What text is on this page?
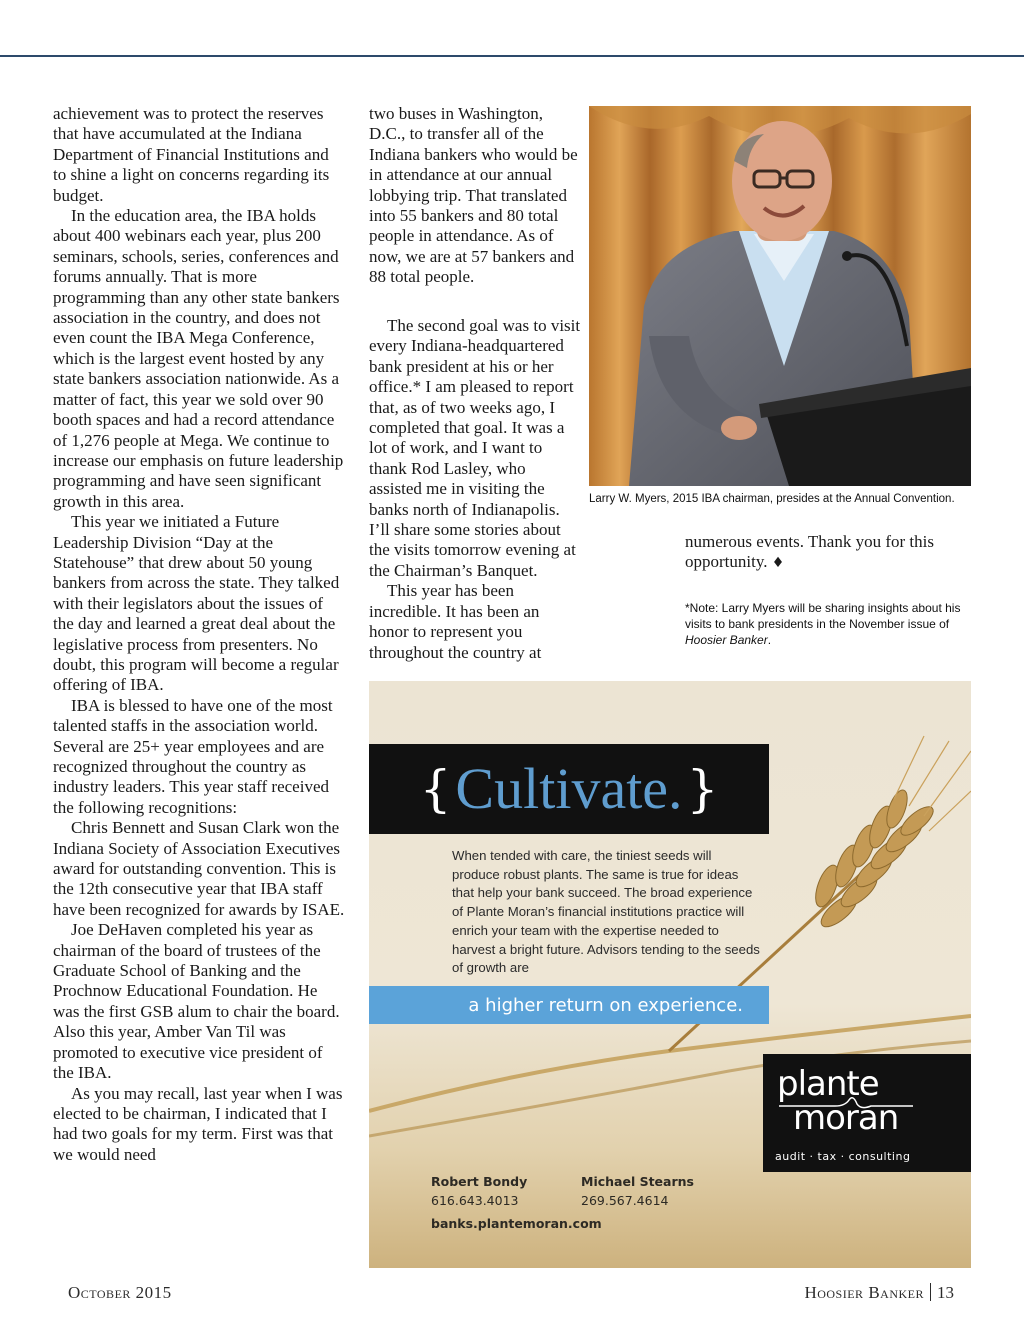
achievement was to protect the reserves that have accumulated at the Indiana Department of Financial Institutions and to shine a light on concerns regarding its budget.

In the education area, the IBA holds about 400 webinars each year, plus 200 seminars, schools, series, conferences and forums annually. That is more programming than any other state bankers association in the country, and does not even count the IBA Mega Conference, which is the largest event hosted by any state bankers association nationwide. As a matter of fact, this year we sold over 90 booth spaces and had a record attendance of 1,276 people at Mega. We continue to increase our emphasis on future leadership programming and have seen significant growth in this area.

This year we initiated a Future Leadership Division “Day at the Statehouse” that drew about 50 young bankers from across the state. They talked with their legislators about the issues of the day and learned a great deal about the legislative process from presenters. No doubt, this program will become a regular offering of IBA.

IBA is blessed to have one of the most talented staffs in the association world. Several are 25+ year employees and are recognized throughout the country as industry leaders. This year staff received the following recognitions:

Chris Bennett and Susan Clark won the Indiana Society of Association Executives award for outstanding convention. This is the 12th consecutive year that IBA staff have been recognized for awards by ISAE.

Joe DeHaven completed his year as chairman of the board of trustees of the Graduate School of Banking and the Prochnow Educational Foundation. He was the first GSB alum to chair the board. Also this year, Amber Van Til was promoted to executive vice president of the IBA.

As you may recall, last year when I was elected to be chairman, I indicated that I had two goals for my term. First was that we would need

two buses in Washington, D.C., to transfer all of the Indiana bankers who would be in attendance at our annual lobbying trip. That translated into 55 bankers and 80 total people in attendance. As of now, we are at 57 bankers and 88 total people.

The second goal was to visit every Indiana-headquartered bank president at his or her office.* I am pleased to report that, as of two weeks ago, I completed that goal. It was a lot of work, and I want to thank Rod Lasley, who assisted me in visiting the banks north of Indianapolis. I’ll share some stories about the visits tomorrow evening at the Chairman’s Banquet.

This year has been incredible. It has been an honor to represent you throughout the country at

Larry W. Myers, 2015 IBA chairman, presides at the Annual Convention.

numerous events. Thank you for this opportunity. ♦

*Note: Larry Myers will be sharing insights about his visits to bank presidents in the November issue of Hoosier Banker.
{ Cultivate. }
When tended with care, the tiniest seeds will produce robust plants. The same is true for ideas that help your bank succeed. The broad experience of Plante Moran’s financial institutions practice will enrich your team with the expertise needed to harvest a bright future. Advisors tending to the seeds of growth are
a higher return on experience.
plante
moran
audit · tax · consulting
Robert Bondy
616.643.4013
Michael Stearns
269.567.4614
banks.plantemoran.com
October 2015	Hoosier Banker 13
